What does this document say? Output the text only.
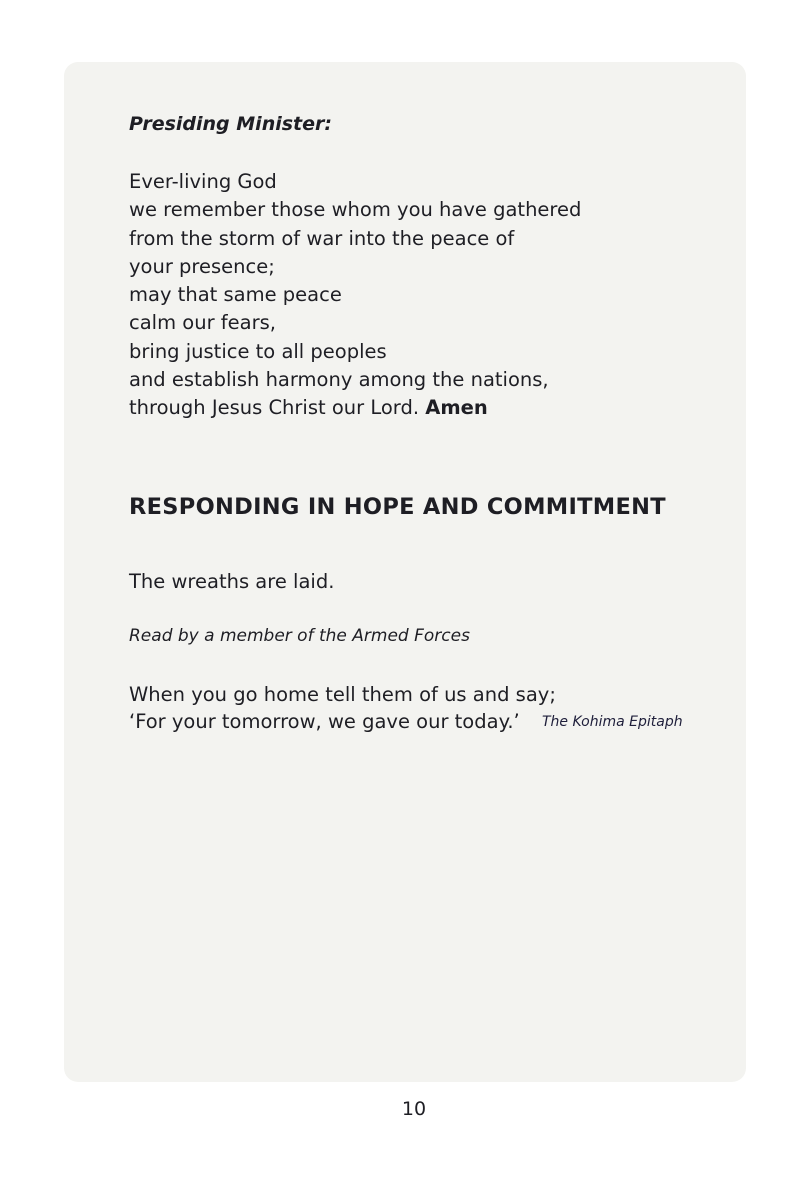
Presiding Minister:

Ever-living God
we remember those whom you have gathered
from the storm of war into the peace of
your presence;
may that same peace
calm our fears,
bring justice to all peoples
and establish harmony among the nations,
through Jesus Christ our Lord. Amen
RESPONDING IN HOPE AND COMMITMENT
The wreaths are laid.
Read by a member of the Armed Forces
When you go home tell them of us and say;
‘For your tomorrow, we gave our today.’ The Kohima Epitaph
10
